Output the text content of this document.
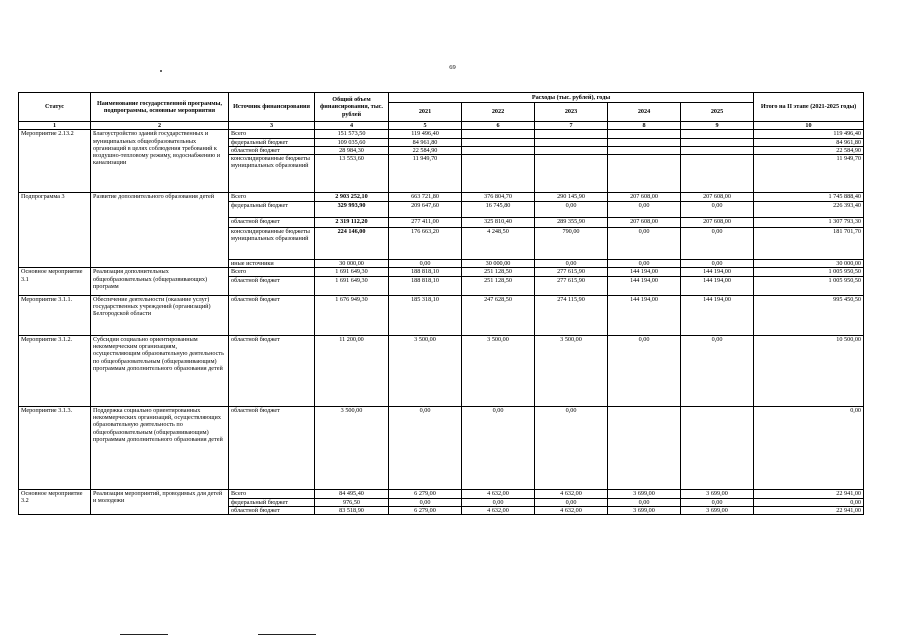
69
Статус	Наименование государственной программы, подпрограммы, основные мероприятия	Источник финансирования	Общий объем финансирования, тыс. рублей	Расходы (тыс. рублей), годы					Итого на II этапе (2021-2025 годы)
				2021	2022	2023	2024	2025	
1	2	3	4	5	6	7	8	9	10
Мероприятие 2.13.2	Благоустройство зданий государственных и муниципальных общеобразовательных организаций в целях соблюдения требований к воздушно-тепловому режиму, водоснабжению и канализации	Всего	151 573,50	119 496,40					119 496,40
		федеральный бюджет	109 035,60	84 961,80					84 961,80
		областной бюджет	28 984,30	22 584,90					22 584,90
		консолидированные бюджеты муниципальных образований	13 553,60	11 949,70					11 949,70
Подпрограмма 3	Развитие дополнительного образования детей	Всего	2 903 252,10	663 721,80	376 804,70	290 145,90	207 608,00	207 608,00	1 745 888,40
		федеральный бюджет	329 993,90	209 647,60	16 745,80	0,00	0,00	0,00	226 393,40
		областной бюджет	2 319 112,20	277 411,00	325 810,40	289 355,90	207 608,00	207 608,00	1 307 793,30
		консолидированные бюджеты муниципальных образований	224 146,00	176 663,20	4 248,50	790,00	0,00	0,00	181 701,70
		иные источники	30 000,00	0,00	30 000,00	0,00	0,00	0,00	30 000,00
Основное мероприятие 3.1	Реализация дополнительных общеобразовательных (общеразвивающих) программ	Всего	1 691 649,30	188 818,10	251 128,50	277 615,90	144 194,00	144 194,00	1 005 950,50
		областной бюджет	1 691 649,30	188 818,10	251 128,50	277 615,90	144 194,00	144 194,00	1 005 950,50
Мероприятие 3.1.1.	Обеспечение деятельности (оказание услуг) государственных учреждений (организаций) Белгородской области	областной бюджет	1 676 949,30	185 318,10	247 628,50	274 115,90	144 194,00	144 194,00	995 450,50
Мероприятие 3.1.2.	Субсидии социально ориентированным некоммерческим организациям, осуществляющим образовательную деятельность по общеобразовательным (общеразвивающим) программам дополнительного образования детей	областной бюджет	11 200,00	3 500,00	3 500,00	3 500,00	0,00	0,00	10 500,00
Мероприятие 3.1.3.	Поддержка социально ориентированных некоммерческих организаций, осуществляющих образовательную деятельность по общеобразовательным (общеразвивающим) программам дополнительного образования детей	областной бюджет	3 500,00	0,00	0,00	0,00			0,00
Основное мероприятие 3.2	Реализация мероприятий, проводимых для детей и молодежи	Всего	84 495,40	6 279,00	4 632,00	4 632,00	3 699,00	3 699,00	22 941,00
		федеральный бюджет	976,50	0,00	0,00	0,00	0,00	0,00	0,00
		областной бюджет	83 518,90	6 279,00	4 632,00	4 632,00	3 699,00	3 699,00	22 941,00
